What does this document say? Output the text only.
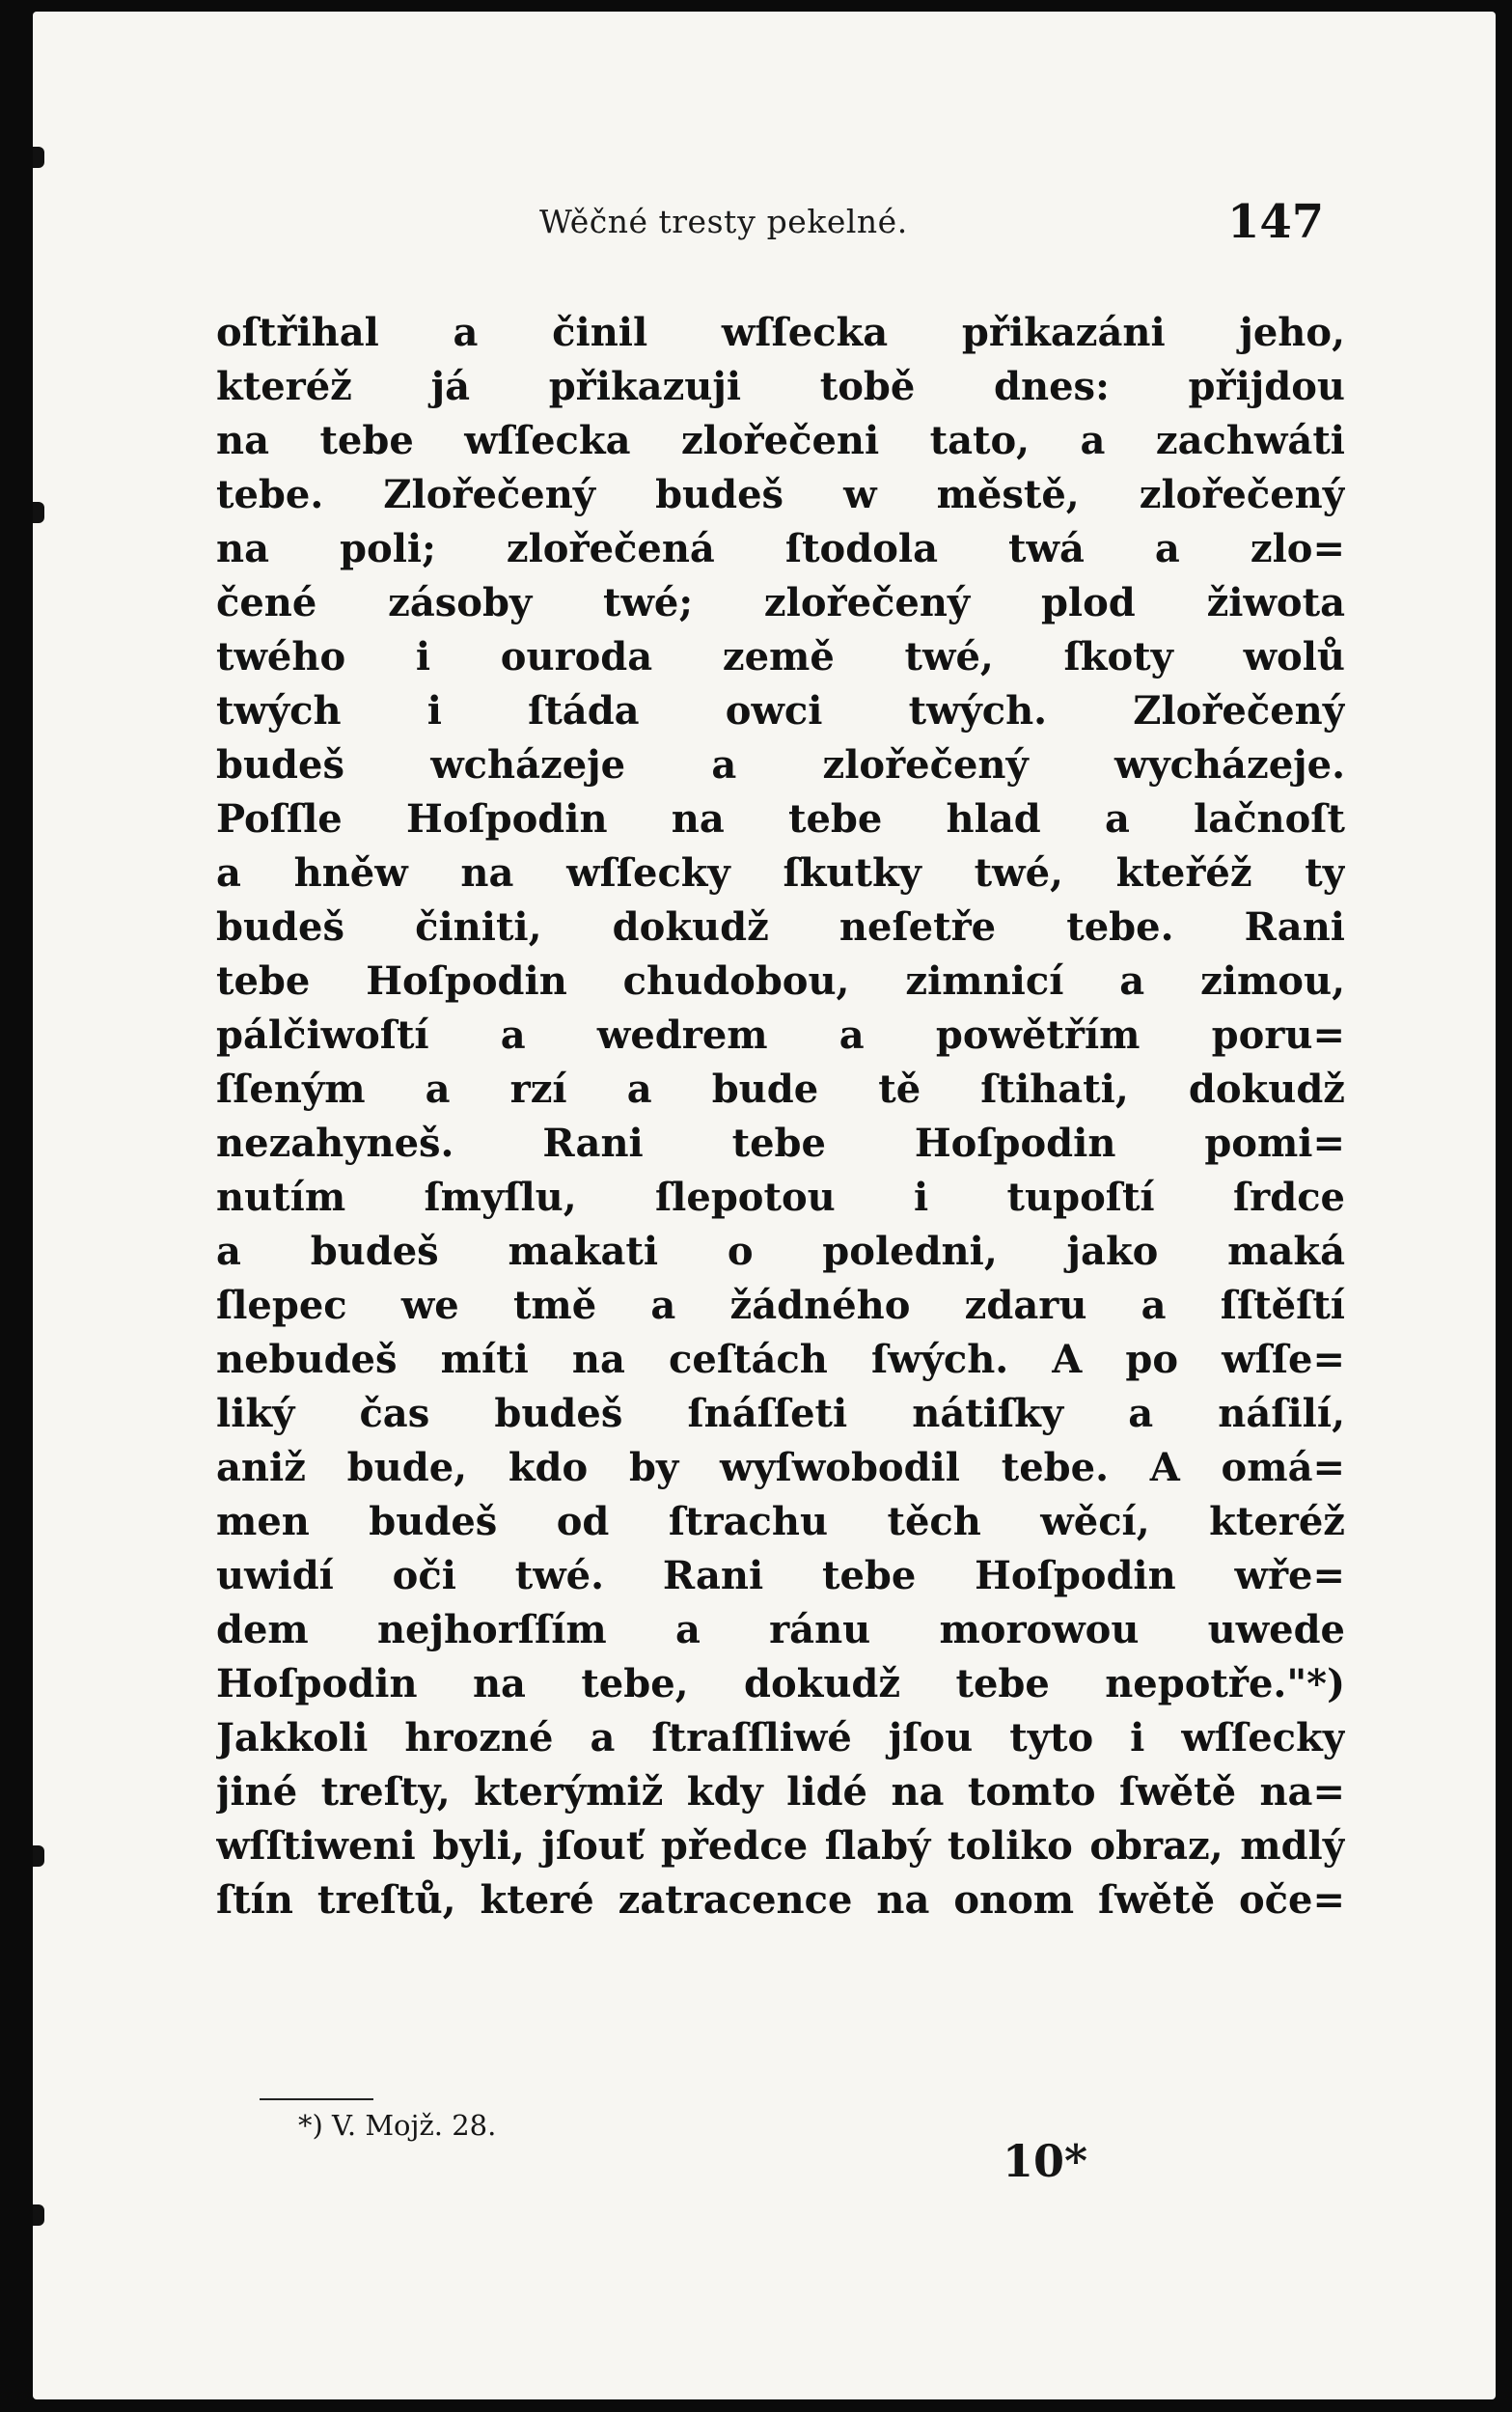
Wěčné trestу pekelné.	147
oſtřihal a činil wſſecka přikazáni jeho,
kteréž já přikazuji tobě dnes: přijdou
na tebe wſſecka zlořečeni tato, a zachwáti
tebe. Zlořečený budeš w městě, zlořečený
na poli; zlořečená ſtodola twá a zlo=
čené zásoby twé; zlořečený plod žiwota
twého i ouroda země twé, ſkoty wolů
twých i ſtáda owci twých. Zlořečený
budeš wcházeje a zlořečený wycházeje.
Poſſle Hoſpodin na tebe hlad a lačnoſt
a hněw na wſſecky ſkutky twé, kteřéž ty
budeš činiti, dokudž neſetře tebe. Rani
tebe Hoſpodin chudobou, zimnicí a zimou,
pálčiwoſtí a wedrem a powětřím poru=
ſſeným a rzí a bude tě ſtihati, dokudž
nezahyneš. Rani tebe Hoſpodin pomi=
nutím ſmyſlu, ſlepotou i tupoſtí ſrdce
a budeš makati o poledni, jako maká
ſlepec we tmě a žádného zdaru a ſſtěſtí
nebudeš míti na ceſtách ſwých. A po wſſe=
liký čas budeš ſnáſſeti nátiſky a náſilí,
aniž bude, kdo by wyſwobodil tebe. A omá=
men budeš od ſtrachu těch wěcí, kteréž
uwidí oči twé. Rani tebe Hoſpodin wře=
dem nejhorſſím a ránu morowou uwede
Hoſpodin na tebe, dokudž tebe nepotře."*)
Jakkoli hrozné a ſtraſſliwé jſou tyto i wſſecky
jiné treſty, kterýmiž kdy lidé na tomto ſwětě na=
wſſtiweni byli, jſouť předce ſlabý toliko obraz, mdlý
ſtín treſtů, které zatracence na onom ſwětě oče=
*) V. Mojž. 28.
10*
